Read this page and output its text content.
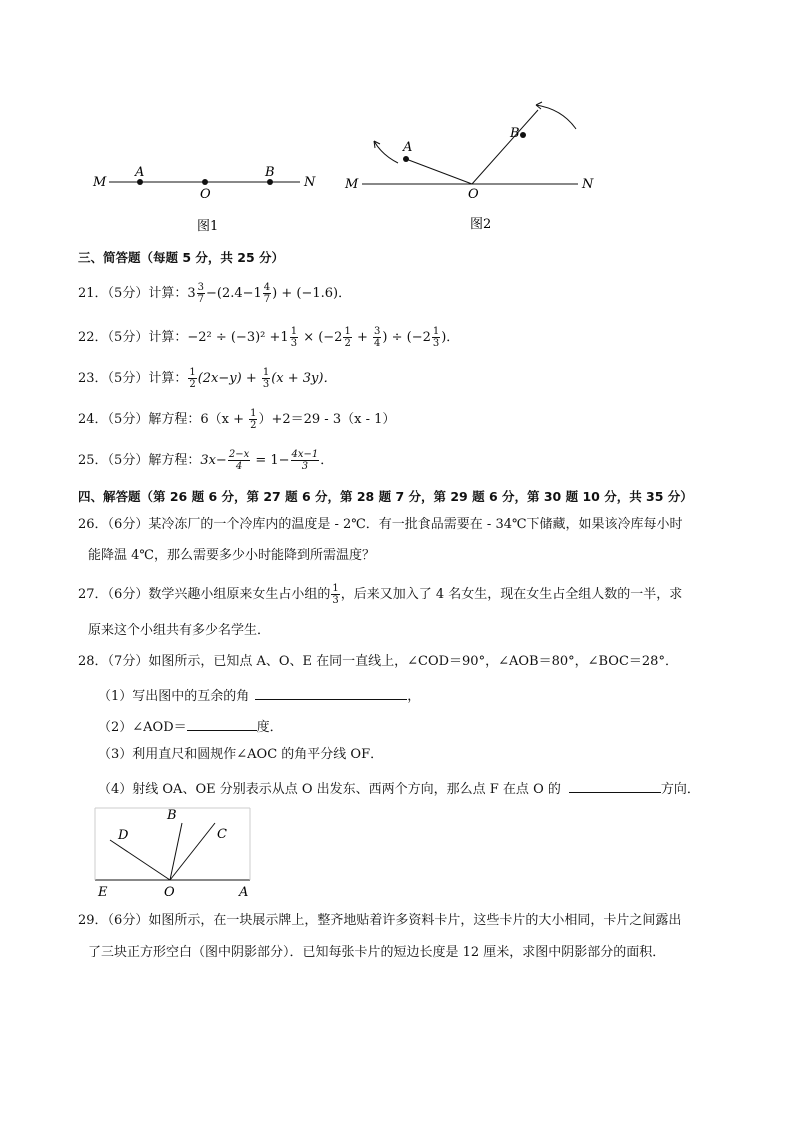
M
A
O
B
N
图1
M
A
O
B
N
图2
三、简答题（每题 5 分，共 25 分）
21．（5分）计算：$3 \frac{3}{7} -(2.4-1 \frac{4}{7}$ ) + (−1.6)．
22．（5分）计算：$-2^2 \div (-3)^2 +1 \frac{1}{3} \times (-2 \frac{1}{2} + \frac{3}{4}$ ) ÷ ($-2 \frac{1}{3}$ )．
23．（5分）计算： $\frac{1}{2} (2x-y) + \frac{1}{3} (x + 3y)$．
24．（5分）解方程：$6(x + \frac{1}{2} )+2=29 - 3(x - 1)$
25．（5分）解方程：$3x- \frac{2-x}{4} = 1- \frac{4x-1}{3}$ ．
四、解答题（第 26 题 6 分，第 27 题 6 分，第 28 题 7 分，第 29 题 6 分，第 30 题 10 分，共 35 分）
26．（6分）某冷冻厂的一个冷库内的温度是 - 2℃．有一批食品需要在 - 34℃下储藏，如果该冷库每小时
能降温 4℃，那么需要多少小时能降到所需温度？
27．（6分）数学兴趣小组原来女生占小组的 $\frac{1}{3}$ ，后来又加入了 4 名女生，现在女生占全组人数的一半，求
原来这个小组共有多少名学生．
28．（7分）如图所示，已知点 A、O、E 在同一直线上，∠COD＝90°，∠AOB＝80°，∠BOC＝28°．
（1）写出图中的互余的角	，
（2）∠AOD＝	度．
（3）利用直尺和圆规作∠AOC 的角平分线 OF．
（4）射线 OA、OE 分别表示从点 O 出发东、西两个方向，那么点 F 在点 O 的	方向．
D
B
C
E	O	A
29．（6分）如图所示，在一块展示牌上，整齐地贴着许多资料卡片，这些卡片的大小相同，卡片之间露出
了三块正方形空白（图中阴影部分）．已知每张卡片的短边长度是 12 厘米，求图中阴影部分的面积．
